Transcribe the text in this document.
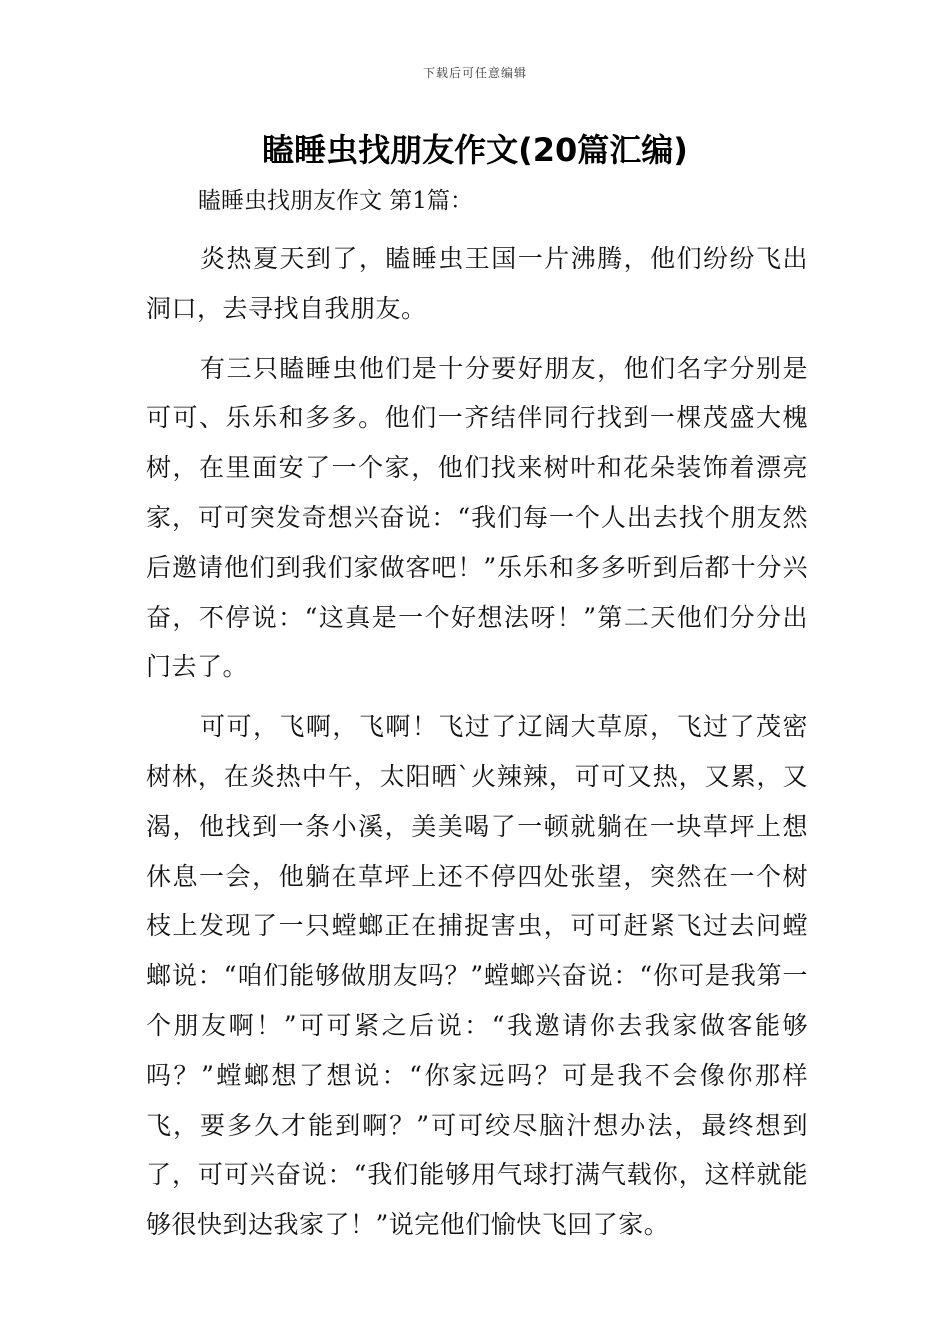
下载后可任意编辑
瞌睡虫找朋友作文(20篇汇编)

瞌睡虫找朋友作文 第1篇：

炎热夏天到了，瞌睡虫王国一片沸腾，他们纷纷飞出洞口，去寻找自我朋友。

有三只瞌睡虫他们是十分要好朋友，他们名字分别是可可、乐乐和多多。他们一齐结伴同行找到一棵茂盛大槐树，在里面安了一个家，他们找来树叶和花朵装饰着漂亮家，可可突发奇想兴奋说：“我们每一个人出去找个朋友然后邀请他们到我们家做客吧！”乐乐和多多听到后都十分兴奋，不停说：“这真是一个好想法呀！”第二天他们分分出门去了。

可可，飞啊，飞啊！飞过了辽阔大草原，飞过了茂密树林，在炎热中午，太阳晒`火辣辣，可可又热，又累，又渴，他找到一条小溪，美美喝了一顿就躺在一块草坪上想休息一会，他躺在草坪上还不停四处张望，突然在一个树枝上发现了一只螳螂正在捕捉害虫，可可赶紧飞过去问螳螂说：“咱们能够做朋友吗？”螳螂兴奋说：“你可是我第一个朋友啊！”可可紧之后说：“我邀请你去我家做客能够吗？”螳螂想了想说：“你家远吗？可是我不会像你那样飞，要多久才能到啊？”可可绞尽脑汁想办法，最终想到了，可可兴奋说：“我们能够用气球打满气载你，这样就能够很快到达我家了！”说完他们愉快飞回了家。
